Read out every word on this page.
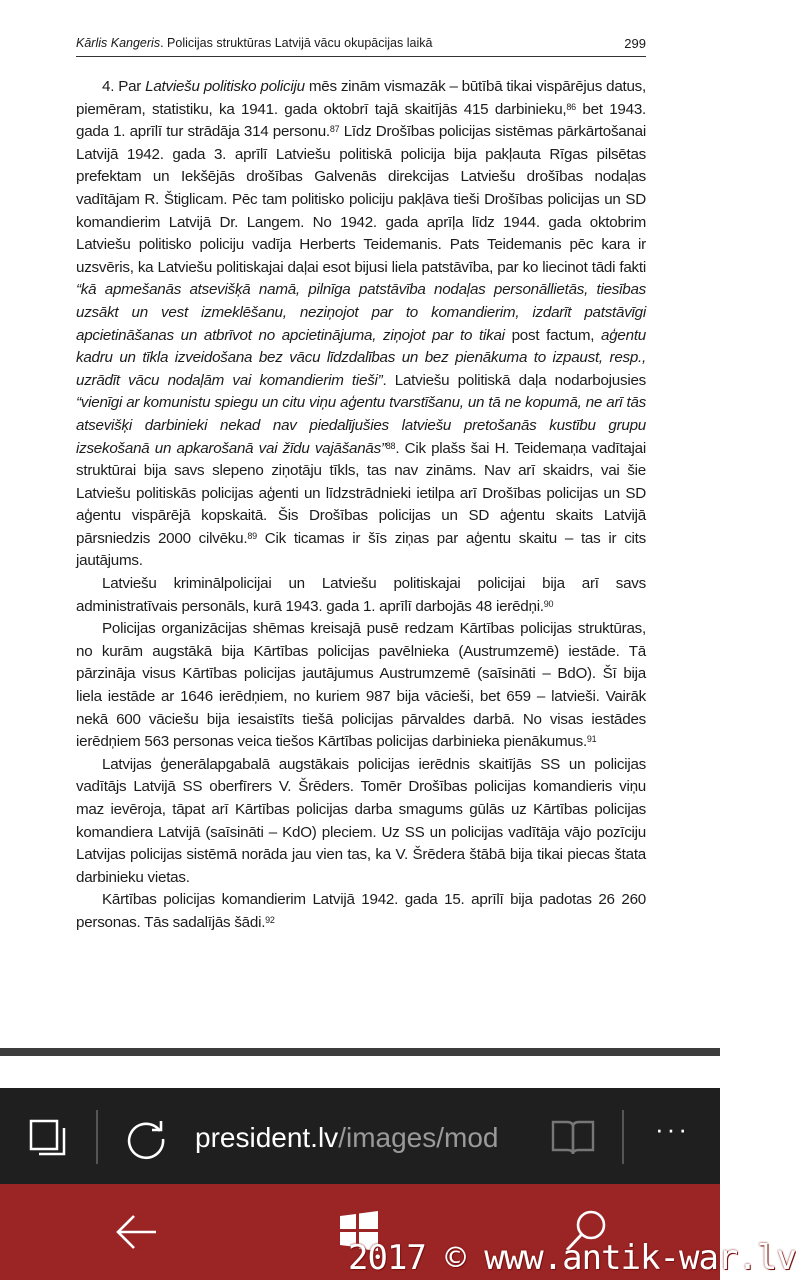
Kārlis Kangeris. Policijas struktūras Latvijā vācu okupācijas laikā	299

4. Par Latviešu politisko policiju mēs zinām vismazāk – būtībā tikai vispārējus datus, piemēram, statistiku, ka 1941. gada oktobrī tajā skaitījās 415 darbinieku,$^{86}$ bet 1943. gada 1. aprīlī tur strādāja 314 personu.$^{87}$ Līdz Drošības policijas sistēmas pārkārtošanai Latvijā 1942. gada 3. aprīlī Latviešu politiskā policija bija pakļauta Rīgas pilsētas prefektam un Iekšējās drošības Galvenās direkcijas Latviešu drošības nodaļas vadītājam R. Štiglicam. Pēc tam politisko policiju pakļāva tieši Drošības policijas un SD komandierim Latvijā Dr. Langem. No 1942. gada aprīļa līdz 1944. gada oktobrim Latviešu politisko policiju vadīja Herberts Teidemanis. Pats Teidemanis pēc kara ir uzsvēris, ka Latviešu politiskajai daļai esot bijusi liela patstāvība, par ko liecinot tādi fakti “kā apmešanās atsevišķā namā, pilnīga patstāvība nodaļas personāllietās, tiesības uzsākt un vest izmeklēšanu, neziņojot par to komandierim, izdarīt patstāvīgi apcietināšanas un atbrīvot no apcietinājuma, ziņojot par to tikai post factum, aģentu kadru un tīkla izveidošana bez vācu līdzdalības un bez pienākuma to izpaust, resp., uzrādīt vācu nodaļām vai komandierim tieši”. Latviešu politiskā daļa nodarbojusies “vienīgi ar komunistu spiegu un citu viņu aģentu tvarstīšanu, un tā ne kopumā, ne arī tās atsevišķi darbinieki nekad nav piedalījušies latviešu pretošanās kustību grupu izsekošanā un apkarošanā vai žīdu vajāšanās”$^{88}$. Cik plašs šai H. Teidemaņa vadītajai struktūrai bija savs slepeno ziņotāju tīkls, tas nav zināms. Nav arī skaidrs, vai šie Latviešu politiskās policijas aģenti un līdzstrādnieki ietilpa arī Drošības policijas un SD aģentu vispārējā kopskaitā. Šis Drošības policijas un SD aģentu skaits Latvijā pārsniedzis 2000 cilvēku.$^{89}$ Cik ticamas ir šīs ziņas par aģentu skaitu – tas ir cits jautājums.

Latviešu kriminālpolicijai un Latviešu politiskajai policijai bija arī savs administratīvais personāls, kurā 1943. gada 1. aprīlī darbojās 48 ierēdņi.$^{90}$

Policijas organizācijas shēmas kreisajā pusē redzam Kārtības policijas struktūras, no kurām augstākā bija Kārtības policijas pavēlnieka (Austrumzemē) iestāde. Tā pārzināja visus Kārtības policijas jautājumus Austrumzemē (saīsināti – BdO). Šī bija liela iestāde ar 1646 ierēdņiem, no kuriem 987 bija vācieši, bet 659 – latvieši. Vairāk nekā 600 vāciešu bija iesaistīts tiešā policijas pārvaldes darbā. No visas iestādes ierēdņiem 563 personas veica tiešos Kārtības policijas darbinieka pienākumus.$^{91}$

Latvijas ģenerālapgabalā augstākais policijas ierēdnis skaitījās SS un policijas vadītājs Latvijā SS oberfīrers V. Šrēders. Tomēr Drošības policijas komandieris viņu maz ievēroja, tāpat arī Kārtības policijas darba smagums gūlās uz Kārtības policijas komandiera Latvijā (saīsināti – KdO) pleciem. Uz SS un policijas vadītāja vājo pozīciju Latvijas policijas sistēmā norāda jau vien tas, ka V. Šrēdera štābā bija tikai piecas štata darbinieku vietas.

Kārtības policijas komandierim Latvijā 1942. gada 15. aprīlī bija padotas 26 260 personas. Tās sadalījās šādi.$^{92}$

president.lv/images/mod	···
2017 © www.antik-war.lv
